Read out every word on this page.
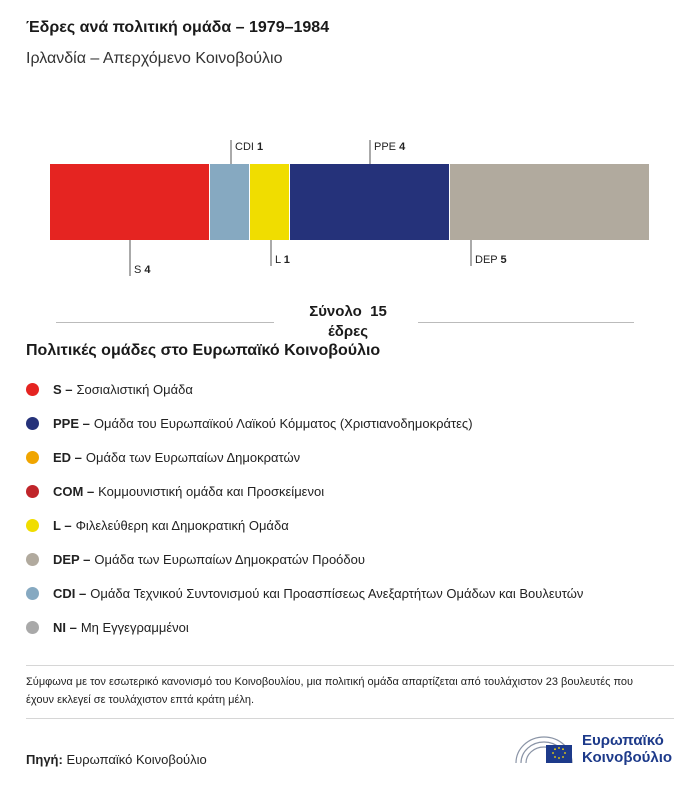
Έδρες ανά πολιτική ομάδα – 1979–1984

Ιρλανδία – Απερχόμενο Κοινοβούλιο

S 4
CDI 1
L 1
PPE 4
DEP 5
Σύνολο 15
έδρες
Πολιτικές ομάδες στο Ευρωπαϊκό Κοινοβούλιο
S – Σοσιαλιστική Ομάδα
PPE – Ομάδα του Ευρωπαϊκού Λαϊκού Κόμματος (Χριστιανοδημοκράτες)
ED – Ομάδα των Ευρωπαίων Δημοκρατών
COM – Κομμουνιστική ομάδα και Προσκείμενοι
L – Φιλελεύθερη και Δημοκρατική Ομάδα
DEP – Ομάδα των Ευρωπαίων Δημοκρατών Προόδου
CDI – Ομάδα Τεχνικού Συντονισμού και Προασπίσεως Ανεξαρτήτων Ομάδων και Βουλευτών
NI – Μη Εγγεγραμμένοι

Σύμφωνα με τον εσωτερικό κανονισμό του Κοινοβουλίου, μια πολιτική ομάδα απαρτίζεται από τουλάχιστον 23 βουλευτές που έχουν εκλεγεί σε τουλάχιστον επτά κράτη μέλη.

Πηγή: Ευρωπαϊκό Κοινοβούλιο

Ευρωπαϊκό
Κοινοβούλιο
